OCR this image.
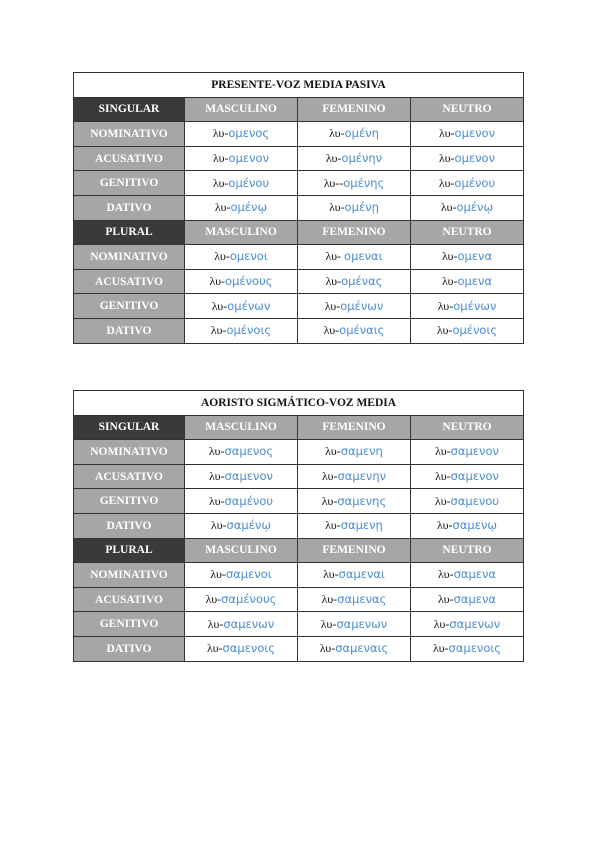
PRESENTE-VOZ MEDIA PASIVA			
SINGULAR	MASCULINO	FEMENINO	NEUTRO
NOMINATIVO	λυ-ομενος	λυ-ομένη	λυ-ομενον
ACUSATIVO	λυ-ομενον	λυ-ομένην	λυ-ομενον
GENITIVO	λυ-ομένου	λυ--ομένης	λυ-ομένου
DATIVO	λυ-ομένῳ	λυ-ομένῃ	λυ-ομένῳ
PLURAL	MASCULINO	FEMENINO	NEUTRO
NOMINATIVO	λυ-ομενοι	λυ- ομεναι	λυ-ομενα
ACUSATIVO	λυ-ομένους	λυ-ομένας	λυ-ομενα
GENITIVO	λυ-ομένων	λυ-ομένων	λυ-ομένων
DATIVO	λυ-ομένοις	λυ-ομέναις	λυ-ομένοις
AORISTO SIGMÁTICO-VOZ MEDIA			
SINGULAR	MASCULINO	FEMENINO	NEUTRO
NOMINATIVO	λυ-σαμενος	λυ-σαμενη	λυ-σαμενον
ACUSATIVO	λυ-σαμενον	λυ-σαμενην	λυ-σαμενον
GENITIVO	λυ-σαμένου	λυ-σαμενης	λυ-σαμενου
DATIVO	λυ-σαμένῳ	λυ-σαμενῃ	λυ-σαμενῳ
PLURAL	MASCULINO	FEMENINO	NEUTRO
NOMINATIVO	λυ-σαμενοι	λυ-σαμεναι	λυ-σαμενα
ACUSATIVO	λυ-σαμένους	λυ-σαμενας	λυ-σαμενα
GENITIVO	λυ-σαμενων	λυ-σαμενων	λυ-σαμενων
DATIVO	λυ-σαμενοις	λυ-σαμεναις	λυ-σαμενοις
